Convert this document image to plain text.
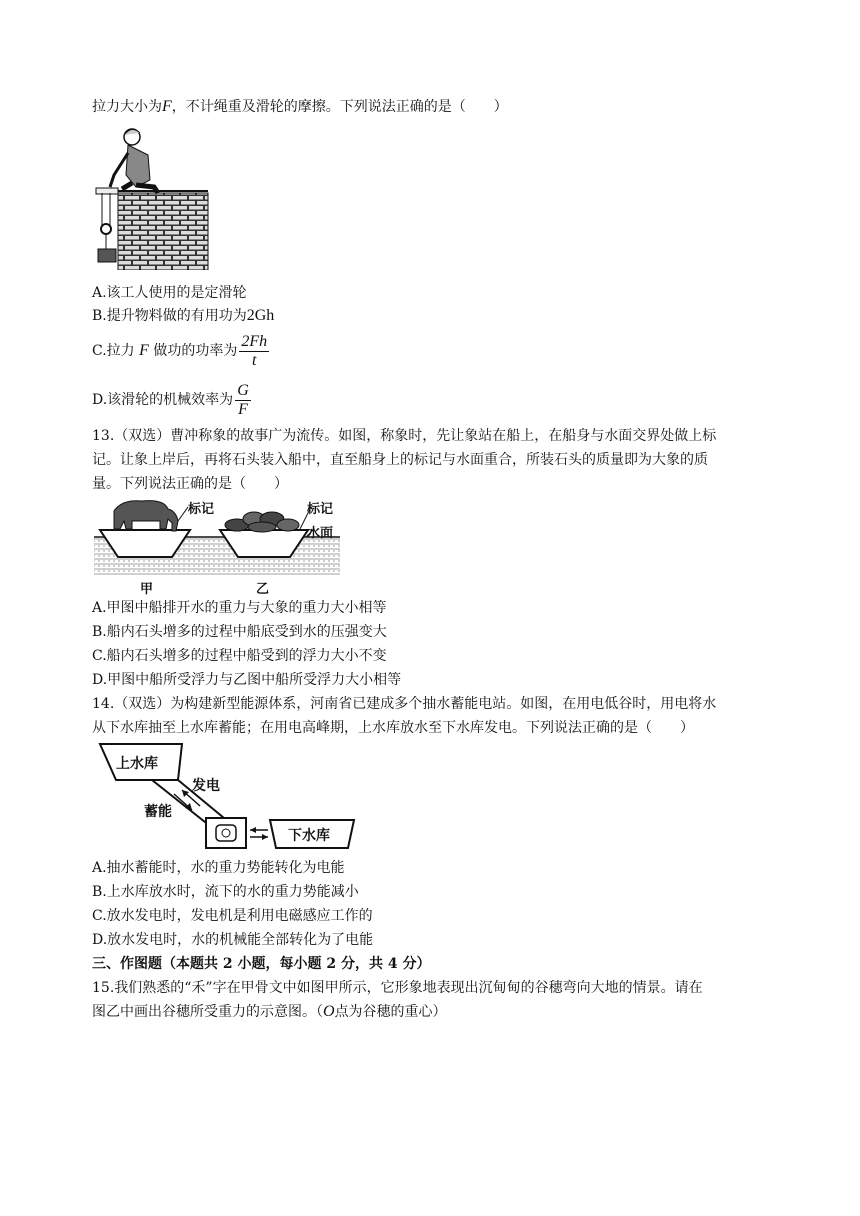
拉力大小为F，不计绳重及滑轮的摩擦。下列说法正确的是（　　）
A.该工人使用的是定滑轮
B.提升物料做的有用功为2Gh
C.拉力 F 做功的功率为 $\frac{2Fh}{t}$
D.该滑轮的机械效率为 $\frac{G}{F}$
13.（双选）曹冲称象的故事广为流传。如图，称象时，先让象站在船上，在船身与水面交界处做上标
记。让象上岸后，再将石头装入船中，直至船身上的标记与水面重合，所装石头的质量即为大象的质
量。下列说法正确的是（　　）
标记	标记
水面
甲	乙
A.甲图中船排开水的重力与大象的重力大小相等
B.船内石头增多的过程中船底受到水的压强变大
C.船内石头增多的过程中船受到的浮力大小不变
D.甲图中船所受浮力与乙图中船所受浮力大小相等
14.（双选）为构建新型能源体系，河南省已建成多个抽水蓄能电站。如图，在用电低谷时，用电将水
从下水库抽至上水库蓄能；在用电高峰期，上水库放水至下水库发电。下列说法正确的是（　　）
上水库
发电
蓄能
下水库
A.抽水蓄能时，水的重力势能转化为电能
B.上水库放水时，流下的水的重力势能减小
C.放水发电时，发电机是利用电磁感应工作的
D.放水发电时，水的机械能全部转化为了电能
三、作图题（本题共 2 小题，每小题 2 分，共 4 分）
15.我们熟悉的“禾”字在甲骨文中如图甲所示，它形象地表现出沉甸甸的谷穗弯向大地的情景。请在
图乙中画出谷穗所受重力的示意图。（O点为谷穗的重心）
